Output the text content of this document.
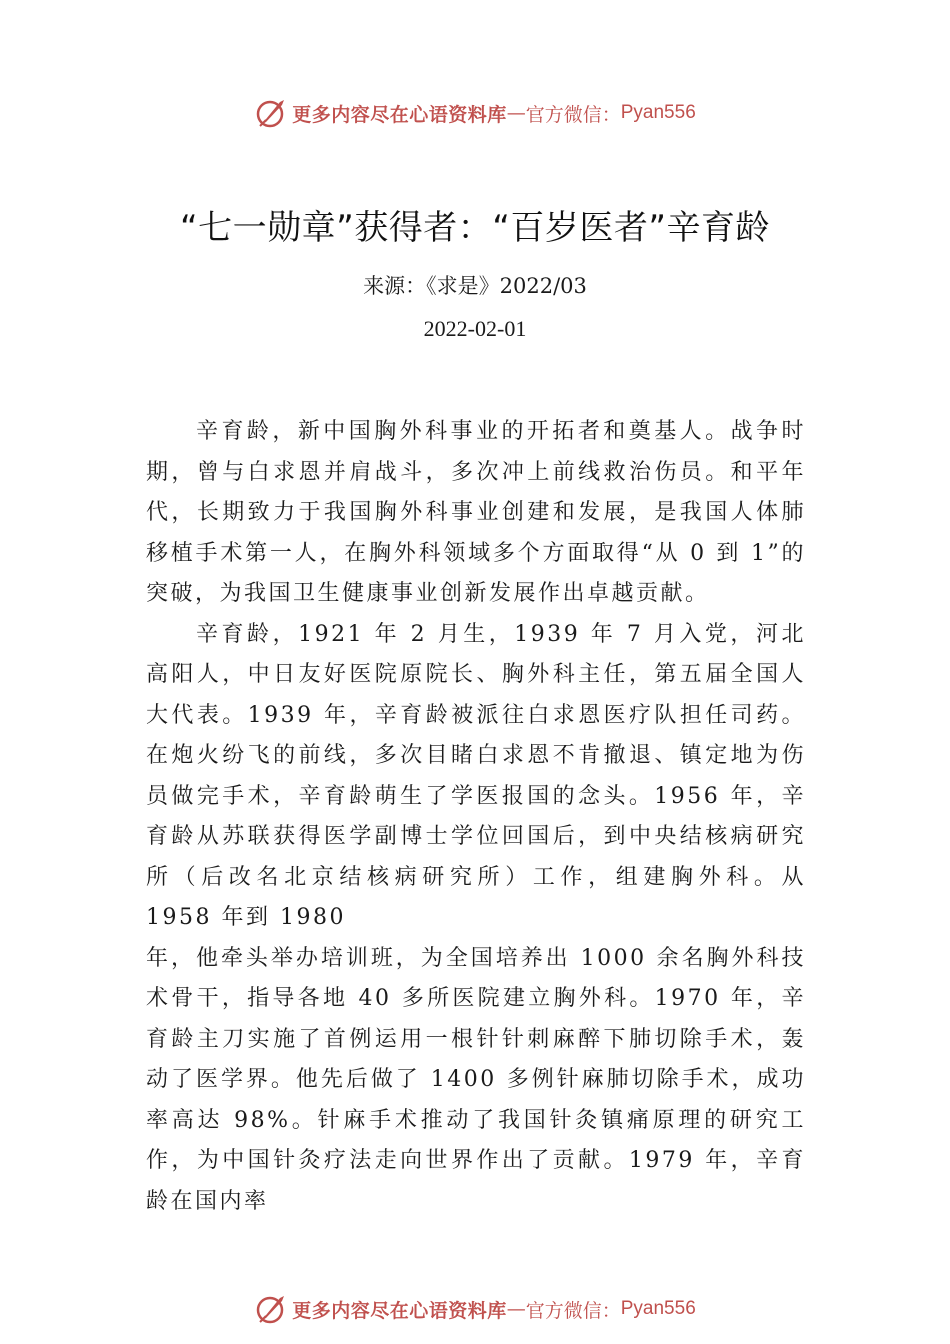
更多内容尽在心语资料库 — 官方微信： Pyan556
“七一勋章”获得者：“百岁医者”辛育龄
来源：《求是》2022/03
2022-02-01

辛育龄，新中国胸外科事业的开拓者和奠基人。战争时期，曾与白求恩并肩战斗，多次冲上前线救治伤员。和平年代，长期致力于我国胸外科事业创建和发展，是我国人体肺移植手术第一人，在胸外科领域多个方面取得“从 0 到 1”的突破，为我国卫生健康事业创新发展作出卓越贡献。

辛育龄，1921 年 2 月生，1939 年 7 月入党，河北高阳人，中日友好医院原院长、胸外科主任，第五届全国人大代表。1939 年，辛育龄被派往白求恩医疗队担任司药。在炮火纷飞的前线，多次目睹白求恩不肯撤退、镇定地为伤员做完手术，辛育龄萌生了学医报国的念头。1956 年，辛育龄从苏联获得医学副博士学位回国后，到中央结核病研究所（后改名北京结核病研究所）工作，组建胸外科。从 1958 年到 1980

年，他牵头举办培训班，为全国培养出 1000 余名胸外科技术骨干，指导各地 40 多所医院建立胸外科。1970 年，辛育龄主刀实施了首例运用一根针针刺麻醉下肺切除手术，轰动了医学界。他先后做了 1400 多例针麻肺切除手术，成功率高达 98%。针麻手术推动了我国针灸镇痛原理的研究工作，为中国针灸疗法走向世界作出了贡献。1979 年，辛育龄在国内率

更多内容尽在心语资料库 — 官方微信： Pyan556
